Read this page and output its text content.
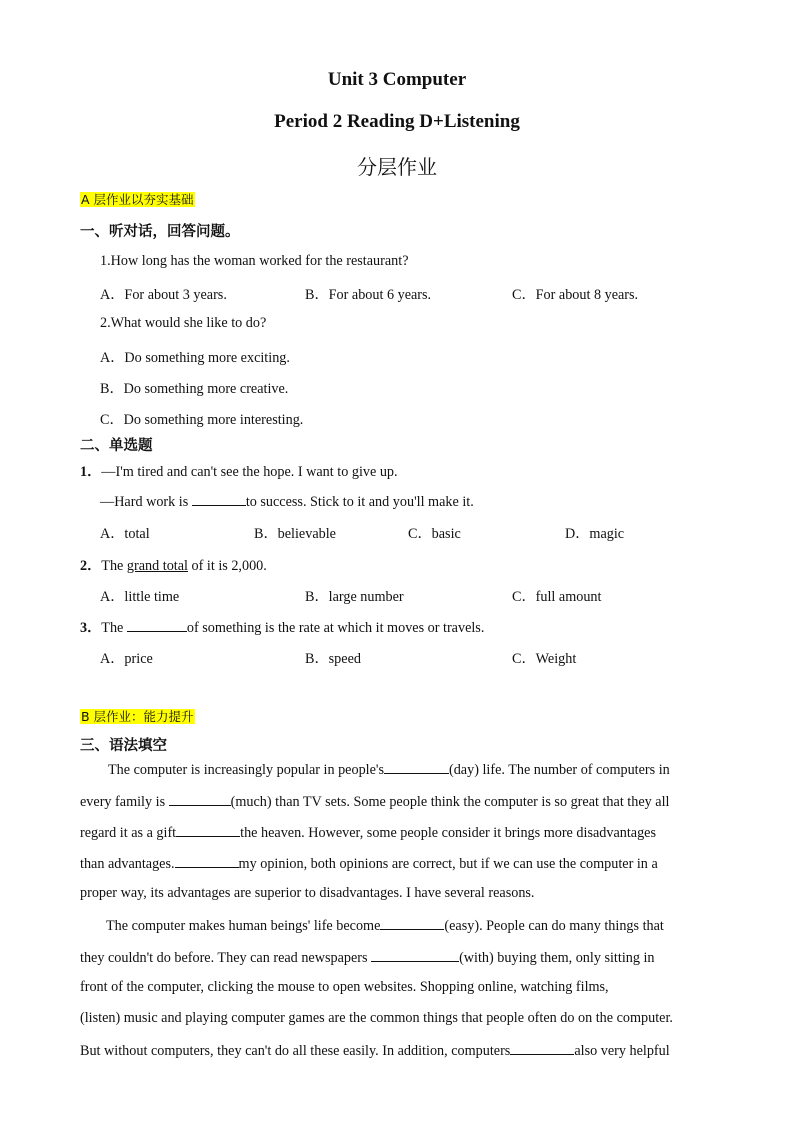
Unit 3 Computer
Period 2 Reading D+Listening
分层作业
A 层作业以夯实基础
一、听对话，回答问题。
1.How long has the woman worked for the restaurant?
A．For about 3 years.	B．For about 6 years.	C．For about 8 years.
2.What would she like to do?
A．Do something more exciting.
B．Do something more creative.
C．Do something more interesting.
二、单选题
1．—I'm tired and can't see the hope. I want to give up.
—Hard work is	to success. Stick to it and you'll make it.
A．total	B．believable	C．basic	D．magic
2．The grand total of it is 2,000.
A．little time	B．large number	C．full amount
3．The	of something is the rate at which it moves or travels.
A．price	B．speed	C．Weight
B 层作业：能力提升
三、语法填空
The computer is increasingly popular in people's	(day) life. The number of computers in
every family is	(much) than TV sets. Some people think the computer is so great that they all
regard it as a gift	the heaven. However, some people consider it brings more disadvantages
than advantages.	my opinion, both opinions are correct, but if we can use the computer in a
proper way, its advantages are superior to disadvantages. I have several reasons.
The computer makes human beings' life become	(easy). People can do many things that
they couldn't do before. They can read newspapers	(with) buying them, only sitting in
front of the computer, clicking the mouse to open websites. Shopping online, watching films,
(listen) music and playing computer games are the common things that people often do on the computer.
But without computers, they can't do all these easily. In addition, computers	also very helpful
